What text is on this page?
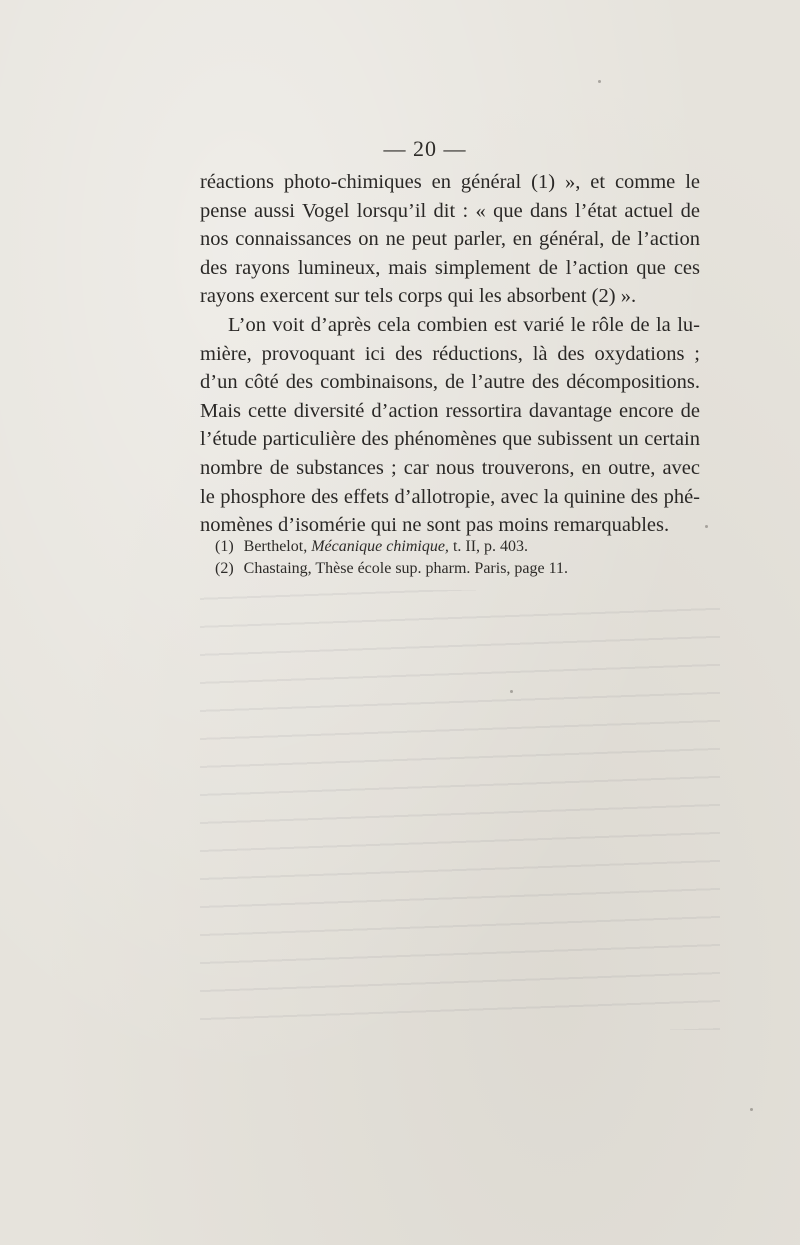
— 20 —
réactions photo-chimiques en général (1) », et comme le
pense aussi Vogel lorsqu’il dit : « que dans l’état actuel de
nos connaissances on ne peut parler, en général, de l’action
des rayons lumineux, mais simplement de l’action que ces
rayons exercent sur tels corps qui les absorbent (2) ».
L’on voit d’après cela combien est varié le rôle de la lu-
mière, provoquant ici des réductions, là des oxydations ;
d’un côté des combinaisons, de l’autre des décompositions.
Mais cette diversité d’action ressortira davantage encore de
l’étude particulière des phénomènes que subissent un certain
nombre de substances ; car nous trouverons, en outre, avec
le phosphore des effets d’allotropie, avec la quinine des phé-
nomènes d’isomérie qui ne sont pas moins remarquables.
(1) Berthelot, Mécanique chimique, t. II, p. 403.
(2) Chastaing, Thèse école sup. pharm. Paris, page 11.
